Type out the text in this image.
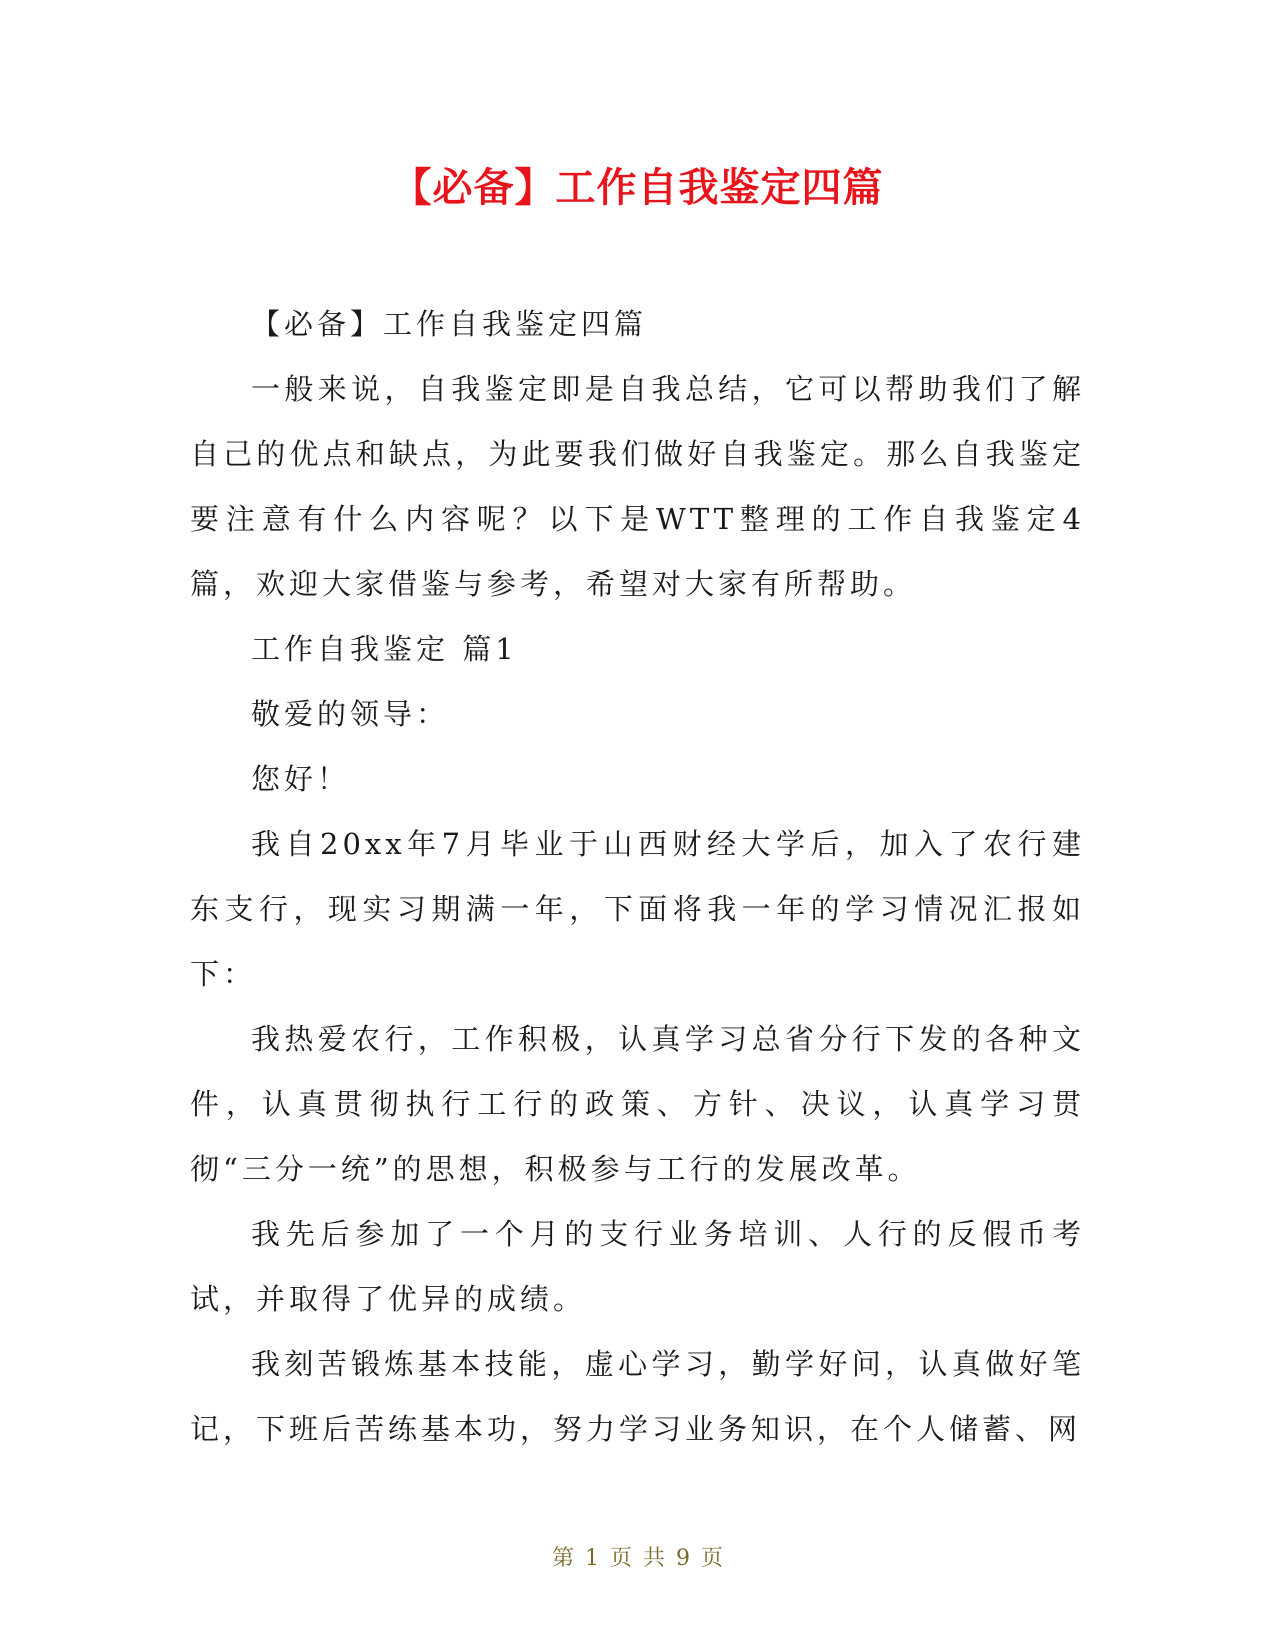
【必备】工作自我鉴定四篇

【必备】工作自我鉴定四篇

一般来说，自我鉴定即是自我总结，它可以帮助我们了解自己的优点和缺点，为此要我们做好自我鉴定。那么自我鉴定要注意有什么内容呢？以下是WTT整理的工作自我鉴定4篇，欢迎大家借鉴与参考，希望对大家有所帮助。

工作自我鉴定 篇1

敬爱的领导：

您好！

我自20xx年7月毕业于山西财经大学后，加入了农行建东支行，现实习期满一年，下面将我一年的学习情况汇报如下：

我热爱农行，工作积极，认真学习总省分行下发的各种文件，认真贯彻执行工行的政策、方针、决议，认真学习贯彻“三分一统”的思想，积极参与工行的发展改革。

我先后参加了一个月的支行业务培训、人行的反假币考试，并取得了优异的成绩。

我刻苦锻炼基本技能，虚心学习，勤学好问，认真做好笔记，下班后苦练基本功，努力学习业务知识，在个人储蓄、网

第 1 页 共 9 页
